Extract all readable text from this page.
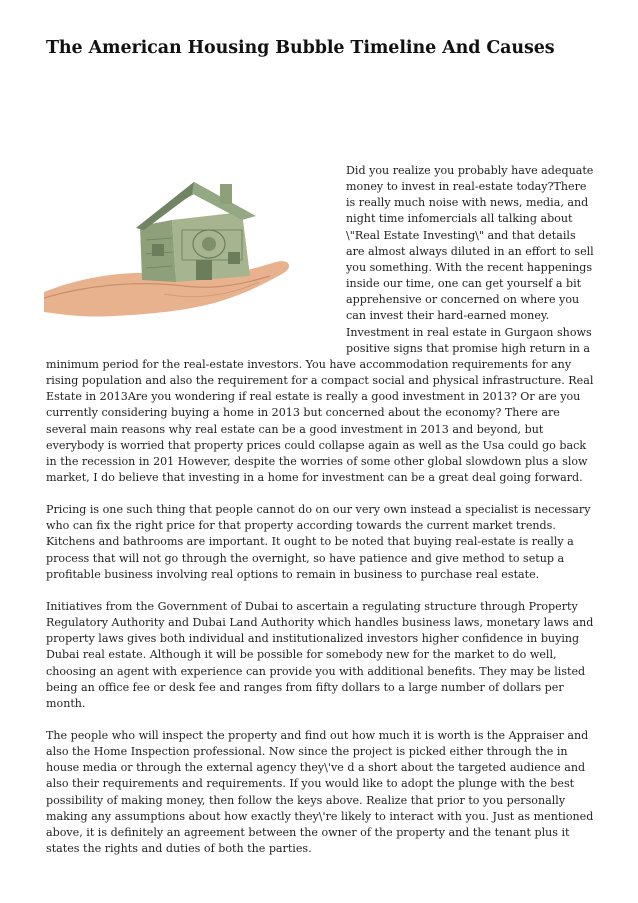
The American Housing Bubble Timeline And Causes

Did you realize you probably have adequate money to invest in real-estate today?There is really much noise with news, media, and night time infomercials all talking about \"Real Estate Investing\" and that details are almost always diluted in an effort to sell you something. With the recent happenings inside our time, one can get yourself a bit apprehensive or concerned on where you can invest their hard-earned money. Investment in real estate in Gurgaon shows positive signs that promise high return in a minimum period for the real-estate investors. You have accommodation requirements for any rising population and also the requirement for a compact social and physical infrastructure. Real Estate in 2013Are you wondering if real estate is really a good investment in 2013? Or are you currently considering buying a home in 2013 but concerned about the economy? There are several main reasons why real estate can be a good investment in 2013 and beyond, but everybody is worried that property prices could collapse again as well as the Usa could go back in the recession in 201 However, despite the worries of some other global slowdown plus a slow market, I do believe that investing in a home for investment can be a great deal going forward.

Pricing is one such thing that people cannot do on our very own instead a specialist is necessary who can fix the right price for that property according towards the current market trends. Kitchens and bathrooms are important. It ought to be noted that buying real-estate is really a process that will not go through the overnight, so have patience and give method to setup a profitable business involving real options to remain in business to purchase real estate.

Initiatives from the Government of Dubai to ascertain a regulating structure through Property Regulatory Authority and Dubai Land Authority which handles business laws, monetary laws and property laws gives both individual and institutionalized investors higher confidence in buying Dubai real estate. Although it will be possible for somebody new for the market to do well, choosing an agent with experience can provide you with additional benefits. They may be listed being an office fee or desk fee and ranges from fifty dollars to a large number of dollars per month.

The people who will inspect the property and find out how much it is worth is the Appraiser and also the Home Inspection professional. Now since the project is picked either through the in house media or through the external agency they\'ve d a short about the targeted audience and also their requirements and requirements. If you would like to adopt the plunge with the best possibility of making money, then follow the keys above. Realize that prior to you personally making any assumptions about how exactly they\'re likely to interact with you. Just as mentioned above, it is definitely an agreement between the owner of the property and the tenant plus it states the rights and duties of both the parties.
